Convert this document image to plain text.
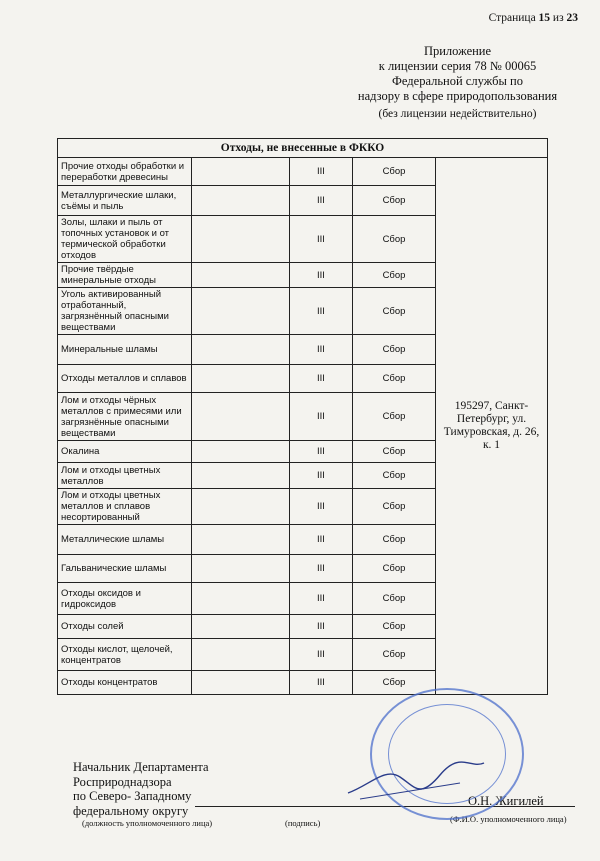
Страница 15 из 23
Приложение
к лицензии серия 78 № 00065
Федеральной службы по
надзору в сфере природопользования
(без лицензии недействительно)
Отходы, не внесенные в ФККО				
Прочие отходы обработки и переработки древесины		III	Сбор	195297, Санкт-Петербург, ул. Тимуровская, д. 26, к. 1
Металлургические шлаки, съёмы и пыль		III	Сбор	
Золы, шлаки и пыль от топочных установок и от термической обработки отходов		III	Сбор	
Прочие твёрдые минеральные отходы		III	Сбор	
Уголь активированный отработанный, загрязнённый опасными веществами		III	Сбор	
Минеральные шламы		III	Сбор	
Отходы металлов и сплавов		III	Сбор	
Лом и отходы чёрных металлов с примесями или загрязнённые опасными веществами		III	Сбор	
Окалина		III	Сбор	
Лом и отходы цветных металлов		III	Сбор	
Лом и отходы цветных металлов и сплавов несортированный		III	Сбор	
Металлические шламы		III	Сбор	
Гальванические шламы		III	Сбор	
Отходы оксидов и гидроксидов		III	Сбор	
Отходы солей		III	Сбор	
Отходы кислот, щелочей, концентратов		III	Сбор	
Отходы концентратов		III	Сбор	
Начальник Департамента
Росприроднадзора
по Северо- Западному
федеральному округу
(должность уполномоченного лица)	(подпись)	(Ф.И.О. уполномоченного лица)
О.Н. Жигилей
